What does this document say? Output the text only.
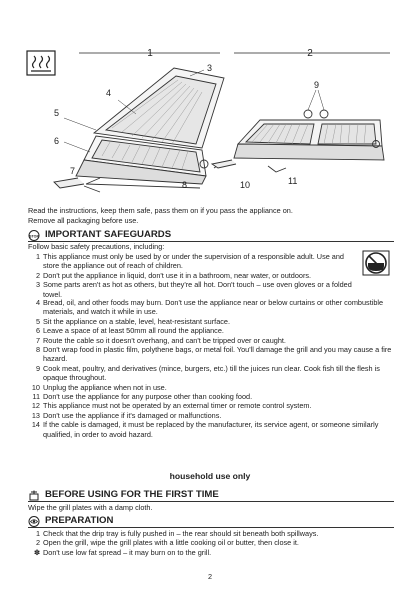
1	2
3
4
5
6
7
8
9
10	11
Read the instructions, keep them safe, pass them on if you pass the appliance on.
Remove all packaging before use.
STOP IMPORTANT SAFEGUARDS
Follow basic safety precautions, including:
1 This appliance must only be used by or under the supervision of a responsible adult. Use and store the appliance out of reach of children.
2 Don't put the appliance in liquid, don't use it in a bathroom, near water, or outdoors.
3 Some parts aren't as hot as others, but they're all hot. Don't touch – use oven gloves or a folded towel.
4 Bread, oil, and other foods may burn. Don't use the appliance near or below curtains or other combustible materials, and watch it while in use.
5 Sit the appliance on a stable, level, heat-resistant surface.
6 Leave a space of at least 50mm all round the appliance.
7 Route the cable so it doesn't overhang, and can't be tripped over or caught.
8 Don't wrap food in plastic film, polythene bags, or metal foil. You'll damage the grill and you may cause a fire hazard.
9 Cook meat, poultry, and derivatives (mince, burgers, etc.) till the juices run clear. Cook fish till the flesh is opaque throughout.
10 Unplug the appliance when not in use.
11 Don't use the appliance for any purpose other than cooking food.
12 This appliance must not be operated by an external timer or remote control system.
13 Don't use the appliance if it's damaged or malfunctions.
14 If the cable is damaged, it must be replaced by the manufacturer, its service agent, or someone similarly qualified, in order to avoid hazard.
household use only
BEFORE USING FOR THE FIRST TIME
Wipe the grill plates with a damp cloth.
PREPARATION
1 Check that the drip tray is fully pushed in – the rear should sit beneath both spillways.
2 Open the grill, wipe the grill plates with a little cooking oil or butter, then close it.
✽ Don't use low fat spread – it may burn on to the grill.
2
